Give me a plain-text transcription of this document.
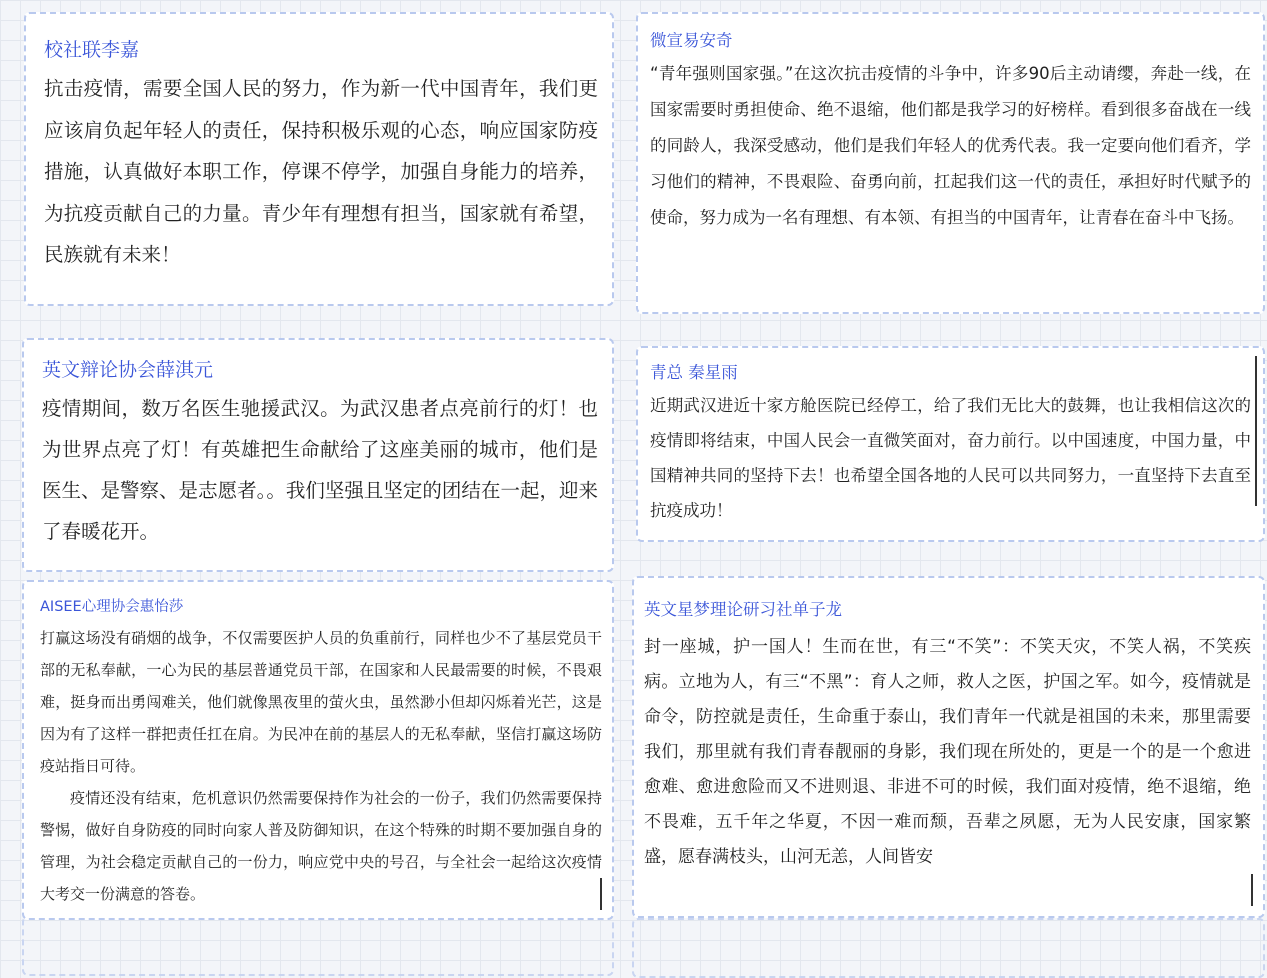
校社联李嘉

抗击疫情，需要全国人民的努力，作为新一代中国青年，我们更应该肩负起年轻人的责任，保持积极乐观的心态，响应国家防疫措施，认真做好本职工作，停课不停学，加强自身能力的培养，为抗疫贡献自己的力量。青少年有理想有担当，国家就有希望，民族就有未来！

微宣易安奇

“青年强则国家强。”在这次抗击疫情的斗争中，许多90后主动请缨，奔赴一线，在国家需要时勇担使命、绝不退缩，他们都是我学习的好榜样。看到很多奋战在一线的同龄人，我深受感动，他们是我们年轻人的优秀代表。我一定要向他们看齐，学习他们的精神，不畏艰险、奋勇向前，扛起我们这一代的责任，承担好时代赋予的使命，努力成为一名有理想、有本领、有担当的中国青年，让青春在奋斗中飞扬。

英文辩论协会薛淇元

疫情期间，数万名医生驰援武汉。为武汉患者点亮前行的灯！也为世界点亮了灯！有英雄把生命献给了这座美丽的城市，他们是医生、是警察、是志愿者。。我们坚强且坚定的团结在一起，迎来了春暖花开。

青总 秦星雨

近期武汉进近十家方舱医院已经停工，给了我们无比大的鼓舞，也让我相信这次的疫情即将结束，中国人民会一直微笑面对，奋力前行。以中国速度，中国力量，中国精神共同的坚持下去！也希望全国各地的人民可以共同努力，一直坚持下去直至抗疫成功！

AISEE心理协会惠怡莎

打赢这场没有硝烟的战争，不仅需要医护人员的负重前行，同样也少不了基层党员干部的无私奉献，一心为民的基层普通党员干部，在国家和人民最需要的时候，不畏艰难，挺身而出勇闯难关，他们就像黑夜里的萤火虫，虽然渺小但却闪烁着光芒，这是因为有了这样一群把责任扛在肩。为民冲在前的基层人的无私奉献，坚信打赢这场防疫站指日可待。

疫情还没有结束，危机意识仍然需要保持作为社会的一份子，我们仍然需要保持警惕，做好自身防疫的同时向家人普及防御知识，在这个特殊的时期不要加强自身的管理，为社会稳定贡献自己的一份力，响应党中央的号召，与全社会一起给这次疫情大考交一份满意的答卷。

英文星梦理论研习社单子龙

封一座城，护一国人！生而在世，有三“不笑”：不笑天灾，不笑人祸，不笑疾病。立地为人，有三“不黑”：育人之师，救人之医，护国之军。如今，疫情就是命令，防控就是责任，生命重于泰山，我们青年一代就是祖国的未来，那里需要我们，那里就有我们青春靓丽的身影，我们现在所处的，更是一个的是一个愈进愈难、愈进愈险而又不进则退、非进不可的时候，我们面对疫情，绝不退缩，绝不畏难，五千年之华夏，不因一难而颓，吾辈之夙愿，无为人民安康，国家繁盛，愿春满枝头，山河无恙，人间皆安
